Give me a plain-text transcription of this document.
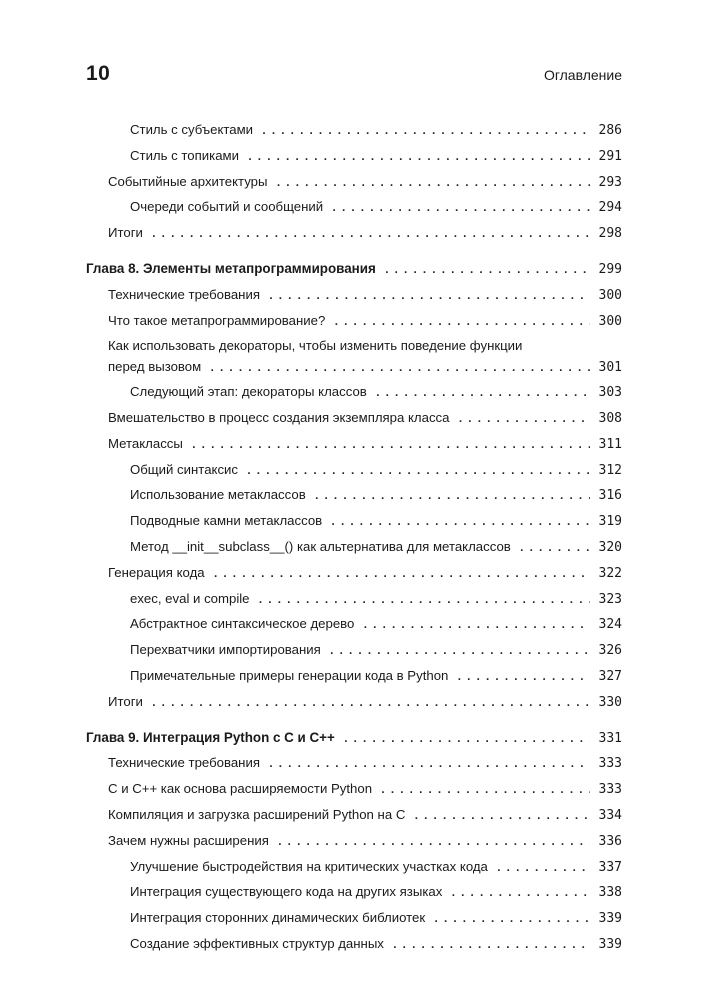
10	Оглавление
Стиль с субъектами .....	286
Стиль с топиками .....	291
Событийные архитектуры .....	293
Очереди событий и сообщений .....	294
Итоги .....	298
Глава 8. Элементы метапрограммирования .....	299
Технические требования .....	300
Что такое метапрограммирование? .....	300
Как использовать декораторы, чтобы изменить поведение функции
перед вызовом .....	301
Следующий этап: декораторы классов .....	303
Вмешательство в процесс создания экземпляра класса .....	308
Метаклассы .....	311
Общий синтаксис .....	312
Использование метаклассов .....	316
Подводные камни метаклассов .....	319
Метод __init__subclass__() как альтернатива для метаклассов .....	320
Генерация кода .....	322
exec, eval и compile .....	323
Абстрактное синтаксическое дерево .....	324
Перехватчики импортирования .....	326
Примечательные примеры генерации кода в Python .....	327
Итоги .....	330
Глава 9. Интеграция Python с C и C++ .....	331
Технические требования .....	333
C и C++ как основа расширяемости Python .....	333
Компиляция и загрузка расширений Python на C .....	334
Зачем нужны расширения .....	336
Улучшение быстродействия на критических участках кода .....	337
Интеграция существующего кода на других языках .....	338
Интеграция сторонних динамических библиотек .....	339
Создание эффективных структур данных .....	339
